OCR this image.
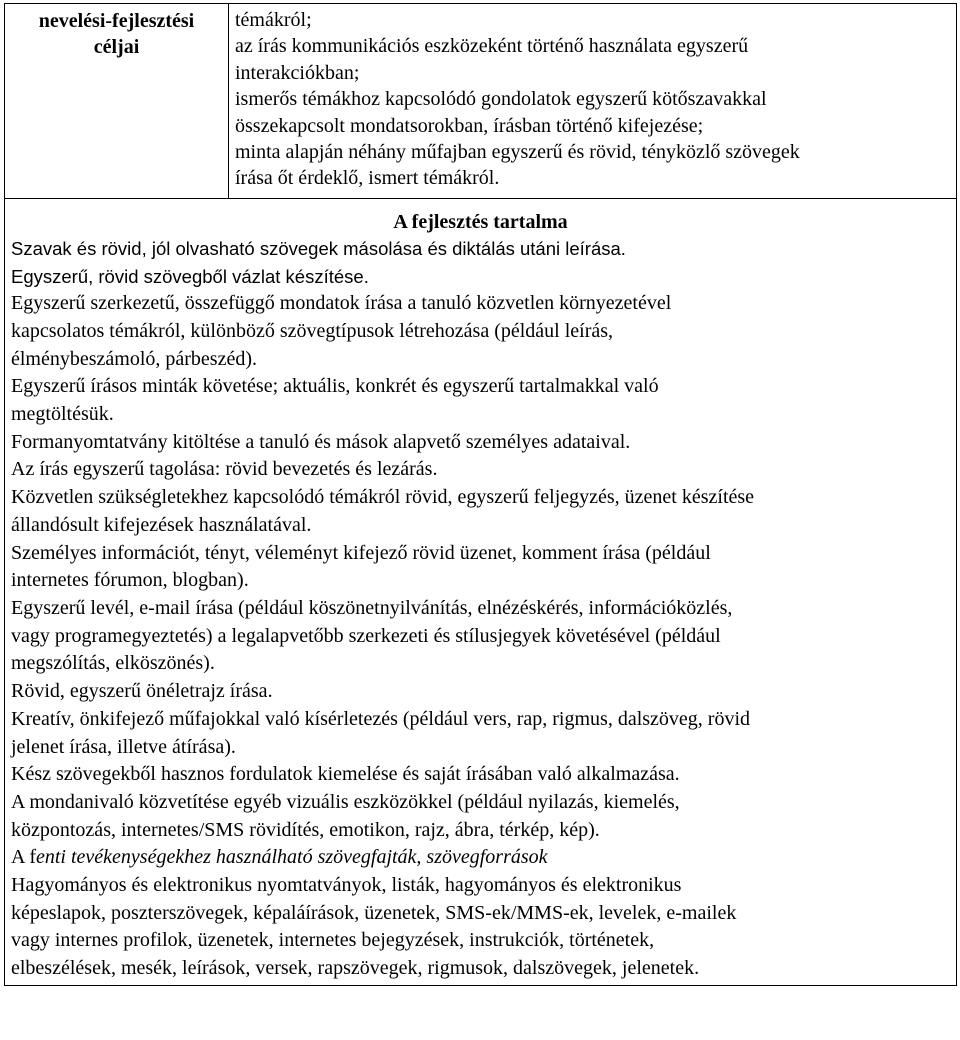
nevelési-fejlesztési
céljai

témákról;
az írás kommunikációs eszközeként történő használata egyszerű
interakciókban;
ismerős témákhoz kapcsolódó gondolatok egyszerű kötőszavakkal
összekapcsolt mondatsorokban, írásban történő kifejezése;
minta alapján néhány műfajban egyszerű és rövid, tényközlő szövegek
írása őt érdeklő, ismert témákról.

A fejlesztés tartalma
Szavak és rövid, jól olvasható szövegek másolása és diktálás utáni leírása.
Egyszerű, rövid szövegből vázlat készítése.
Egyszerű szerkezetű, összefüggő mondatok írása a tanuló közvetlen környezetével
kapcsolatos témákról, különböző szövegtípusok létrehozása (például leírás,
élménybeszámoló, párbeszéd).
Egyszerű írásos minták követése; aktuális, konkrét és egyszerű tartalmakkal való
megtöltésük.
Formanyomtatvány kitöltése a tanuló és mások alapvető személyes adataival.
Az írás egyszerű tagolása: rövid bevezetés és lezárás.
Közvetlen szükségletekhez kapcsolódó témákról rövid, egyszerű feljegyzés, üzenet készítése
állandósult kifejezések használatával.
Személyes információt, tényt, véleményt kifejező rövid üzenet, komment írása (például
internetes fórumon, blogban).
Egyszerű levél, e-mail írása (például köszönetnyilvánítás, elnézéskérés, információközlés,
vagy programegyeztetés) a legalapvetőbb szerkezeti és stílusjegyek követésével (például
megszólítás, elköszönés).
Rövid, egyszerű önéletrajz írása.
Kreatív, önkifejező műfajokkal való kísérletezés (például vers, rap, rigmus, dalszöveg, rövid
jelenet írása, illetve átírása).
Kész szövegekből hasznos fordulatok kiemelése és saját írásában való alkalmazása.
A mondanivaló közvetítése egyéb vizuális eszközökkel (például nyilazás, kiemelés,
központozás, internetes/SMS rövidítés, emotikon, rajz, ábra, térkép, kép).
A fenti tevékenységekhez használható szövegfajták, szövegforrások
Hagyományos és elektronikus nyomtatványok, listák, hagyományos és elektronikus
képeslapok, poszterszövegek, képaláírások, üzenetek, SMS-ek/MMS-ek, levelek, e-mailek
vagy internes profilok, üzenetek, internetes bejegyzések, instrukciók, történetek,
elbeszélések, mesék, leírások, versek, rapszövegek, rigmusok, dalszövegek, jelenetek.
